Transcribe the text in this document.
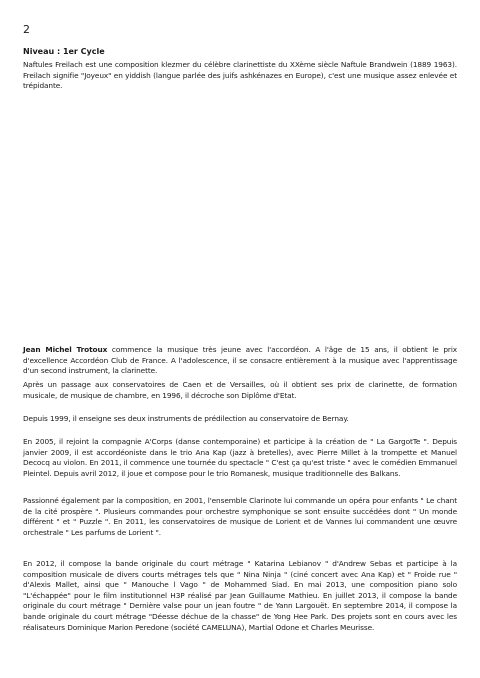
2
Niveau : 1er Cycle

Naftules Freilach est une composition klezmer du célèbre clarinettiste du XXème siècle Naftule Brandwein (1889 1963). Freilach signifie "Joyeux" en yiddish (langue parlée des juifs ashkénazes en Europe), c'est une musique assez enlevée et trépidante.

Jean Michel Trotoux commence la musique très jeune avec l'accordéon. A l'âge de 15 ans, il obtient le prix d'excellence Accordéon Club de France. A l'adolescence, il se consacre entièrement à la musique avec l'apprentissage d'un second instrument, la clarinette.

Après un passage aux conservatoires de Caen et de Versailles, où il obtient ses prix de clarinette, de formation musicale, de musique de chambre, en 1996, il décroche son Diplôme d'Etat.

Depuis 1999, il enseigne ses deux instruments de prédilection au conservatoire de Bernay.

En 2005, il rejoint la compagnie A'Corps (danse contemporaine) et participe à la création de " La GargotTe ". Depuis janvier 2009, il est accordéoniste dans le trio Ana Kap (jazz à bretelles), avec Pierre Millet à la trompette et Manuel Decocq au violon. En 2011, il commence une tournée du spectacle " C'est ça qu'est triste " avec le comédien Emmanuel Pleintel. Depuis avril 2012, il joue et compose pour le trio Romanesk, musique traditionnelle des Balkans.

Passionné également par la composition, en 2001, l'ensemble Clarinote lui commande un opéra pour enfants " Le chant de la cité prospère ". Plusieurs commandes pour orchestre symphonique se sont ensuite succédées dont " Un monde différent " et " Puzzle ". En 2011, les conservatoires de musique de Lorient et de Vannes lui commandent une œuvre orchestrale " Les parfums de Lorient ".

En 2012, il compose la bande originale du court métrage " Katarina Lebianov " d'Andrew Sebas et participe à la composition musicale de divers courts métrages tels que " Nina Ninja " (ciné concert avec Ana Kap) et " Froide rue " d'Alexis Mallet, ainsi que " Manouche l Vago " de Mohammed Siad. En mai 2013, une composition piano solo "L'échappée" pour le film institutionnel H3P réalisé par Jean Guillaume Mathieu. En juillet 2013, il compose la bande originale du court métrage " Dernière valse pour un jean foutre " de Yann Largouët. En septembre 2014, il compose la bande originale du court métrage "Déesse déchue de la chasse" de Yong Hee Park. Des projets sont en cours avec les réalisateurs Dominique Marion Peredone (société CAMELUNA), Martial Odone et Charles Meurisse.
